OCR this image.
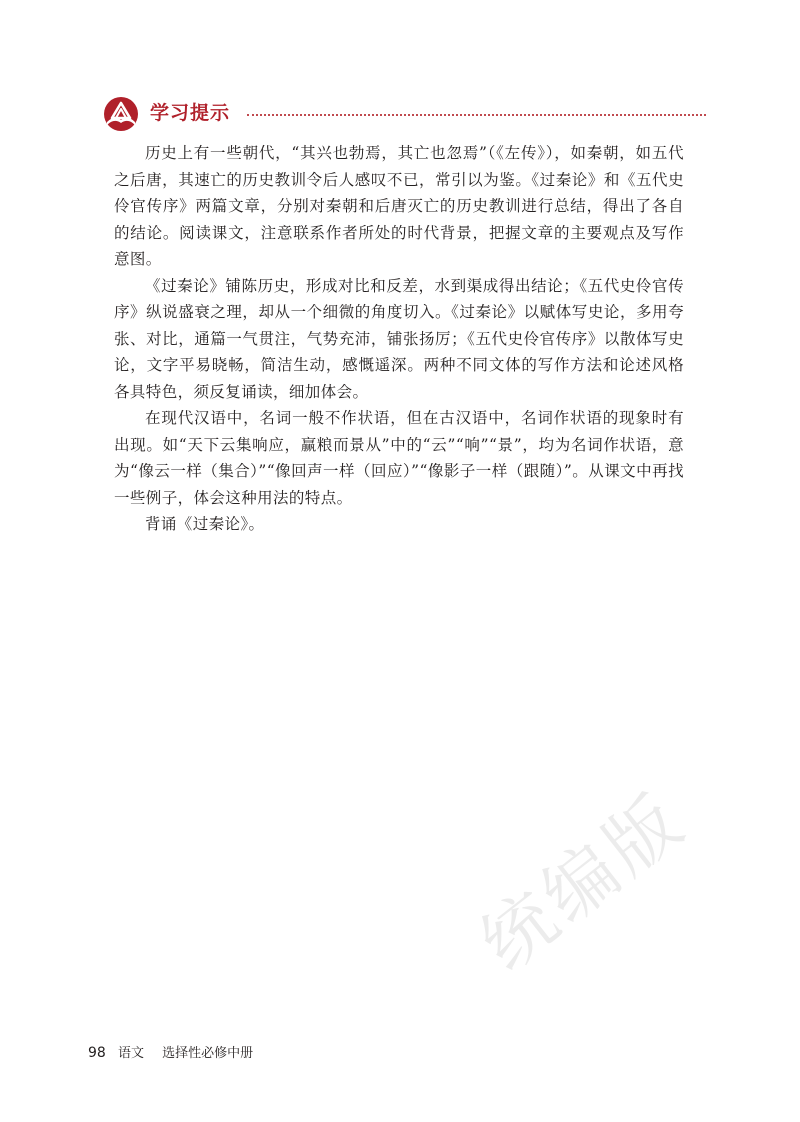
学习提示

历史上有一些朝代，“其兴也勃焉，其亡也忽焉”（《左传》），如秦朝，如五代之后唐，其速亡的历史教训令后人感叹不已，常引以为鉴。《过秦论》和《五代史伶官传序》两篇文章，分别对秦朝和后唐灭亡的历史教训进行总结，得出了各自的结论。阅读课文，注意联系作者所处的时代背景，把握文章的主要观点及写作意图。

《过秦论》铺陈历史，形成对比和反差，水到渠成得出结论；《五代史伶官传序》纵说盛衰之理，却从一个细微的角度切入。《过秦论》以赋体写史论，多用夸张、对比，通篇一气贯注，气势充沛，铺张扬厉；《五代史伶官传序》以散体写史论，文字平易晓畅，简洁生动，感慨遥深。两种不同文体的写作方法和论述风格各具特色，须反复诵读，细加体会。

在现代汉语中，名词一般不作状语，但在古汉语中，名词作状语的现象时有出现。如“天下云集响应，赢粮而景从”中的“云”“响”“景”，均为名词作状语，意为“像云一样（集合）”“像回声一样（回应）”“像影子一样（跟随）”。从课文中再找一些例子，体会这种用法的特点。

背诵《过秦论》。

统编版
98 语文 选择性必修中册
